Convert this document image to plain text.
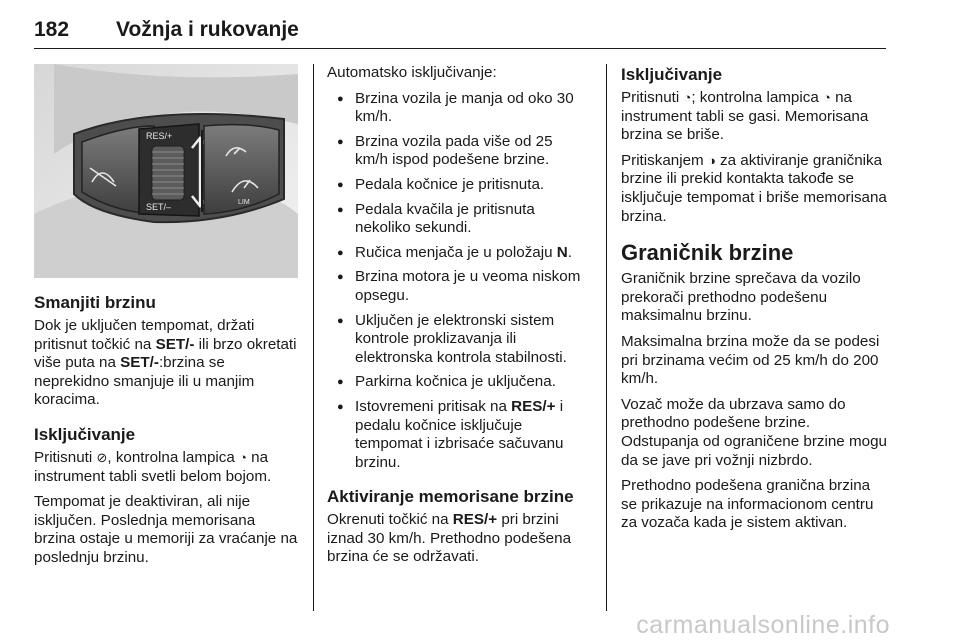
182 Vožnja i rukovanje
RES/+
SET/–	LIM
Smanjiti brzinu

Dok je uključen tempomat, držati pritisnut točkić na SET/- ili brzo okretati više puta na SET/-:brzina se neprekidno smanjuje ili u manjim koracima.

Isključivanje

Pritisnuti ⊘, kontrolna lampica ◔ na instrument tabli svetli belom bojom.

Tempomat je deaktiviran, ali nije isključen. Poslednja memorisana brzina ostaje u memoriji za vraćanje na poslednju brzinu.

Automatsko isključivanje:

● Brzina vozila je manja od oko 30 km/h.
● Brzina vozila pada više od 25 km/h ispod podešene brzine.
● Pedala kočnice je pritisnuta.
● Pedala kvačila je pritisnuta nekoliko sekundi.
● Ručica menjača je u položaju N.
● Brzina motora je u veoma niskom opsegu.
● Uključen je elektronski sistem kontrole proklizavanja ili elektronska kontrola stabilnosti.
● Parkirna kočnica je uključena.
● Istovremeni pritisak na RES/+ i pedalu kočnice isključuje tempomat i izbrisaće sačuvanu brzinu.
Aktiviranje memorisane brzine

Okrenuti točkić na RES/+ pri brzini iznad 30 km/h. Prethodno podešena brzina će se održavati.

Isključivanje

Pritisnuti ◔; kontrolna lampica ◔ na instrument tabli se gasi. Memorisana brzina se briše.

Pritiskanjem ◑ za aktiviranje graničnika brzine ili prekid kontakta takođe se isključuje tempomat i briše memorisana brzina.

Graničnik brzine

Graničnik brzine sprečava da vozilo prekorači prethodno podešenu maksimalnu brzinu.

Maksimalna brzina može da se podesi pri brzinama većim od 25 km/h do 200 km/h.

Vozač može da ubrzava samo do prethodno podešene brzine. Odstupanja od ograničene brzine mogu da se jave pri vožnji nizbrdo.

Prethodno podešena granična brzina se prikazuje na informacionom centru za vozača kada je sistem aktivan.

carmanualsonline.info
